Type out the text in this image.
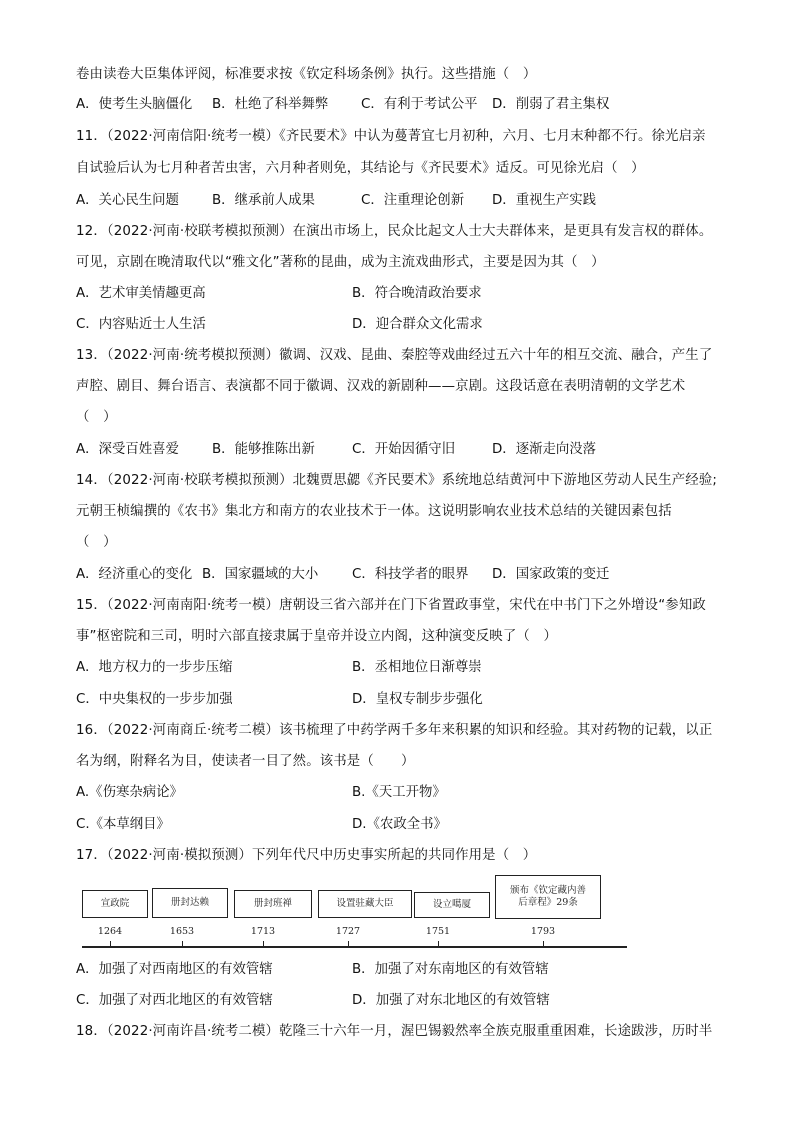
卷由读卷大臣集体评阅，标准要求按《钦定科场条例》执行。这些措施（　）
A．使考生头脑僵化 B．杜绝了科举舞弊 C．有利于考试公平 D．削弱了君主集权
11．（2022·河南信阳·统考一模）《齐民要术》中认为蔓菁宜七月初种，六月、七月末种都不行。徐光启亲
自试验后认为七月种者苦虫害，六月种者则免，其结论与《齐民要术》适反。可见徐光启（　）
A．关心民生问题 B．继承前人成果	C．注重理论创新 D．重视生产实践
12．（2022·河南·校联考模拟预测）在演出市场上，民众比起文人士大夫群体来，是更具有发言权的群体。
可见，京剧在晚清取代以“雅文化”著称的昆曲，成为主流戏曲形式，主要是因为其（　）
A．艺术审美情趣更高	B．符合晚清政治要求
C．内容贴近士人生活	D．迎合群众文化需求
13．（2022·河南·统考模拟预测）徽调、汉戏、昆曲、秦腔等戏曲经过五六十年的相互交流、融合，产生了
声腔、剧目、舞台语言、表演都不同于徽调、汉戏的新剧种——京剧。这段话意在表明清朝的文学艺术
（　）
A．深受百姓喜爱 B．能够推陈出新	C．开始因循守旧	D．逐渐走向没落
14．（2022·河南·校联考模拟预测）北魏贾思勰《齐民要术》系统地总结黄河中下游地区劳动人民生产经验;
元朝王桢编撰的《农书》集北方和南方的农业技术于一体。这说明影响农业技术总结的关键因素包括
（　）
A．经济重心的变化 B．国家疆域的大小	C．科技学者的眼界 D．国家政策的变迁
15．（2022·河南南阳·统考一模）唐朝设三省六部并在门下省置政事堂，宋代在中书门下之外增设“参知政
事”枢密院和三司，明时六部直接隶属于皇帝并设立内阁，这种演变反映了（　）
A．地方权力的一步步压缩	B．丞相地位日渐尊崇
C．中央集权的一步步加强	D．皇权专制步步强化
16．（2022·河南商丘·统考二模）该书梳理了中药学两千多年来积累的知识和经验。其对药物的记载，以正
名为纲，附释名为目，使读者一目了然。该书是（　　）
A.《伤寒杂病论》	B.《天工开物》
C.《本草纲目》	D.《农政全书》
17．（2022·河南·模拟预测）下列年代尺中历史事实所起的共同作用是（　）
宣政院	册封达赖	册封班禅	设置驻藏大臣	设立噶厦
颁布《钦定藏内善后章程》29条
1264	1653	1713	1727	1751	1793
A．加强了对西南地区的有效管辖	B．加强了对东南地区的有效管辖
C．加强了对西北地区的有效管辖	D．加强了对东北地区的有效管辖
18．（2022·河南许昌·统考二模）乾隆三十六年一月，渥巴锡毅然率全族克服重重困难，长途跋涉，历时半
